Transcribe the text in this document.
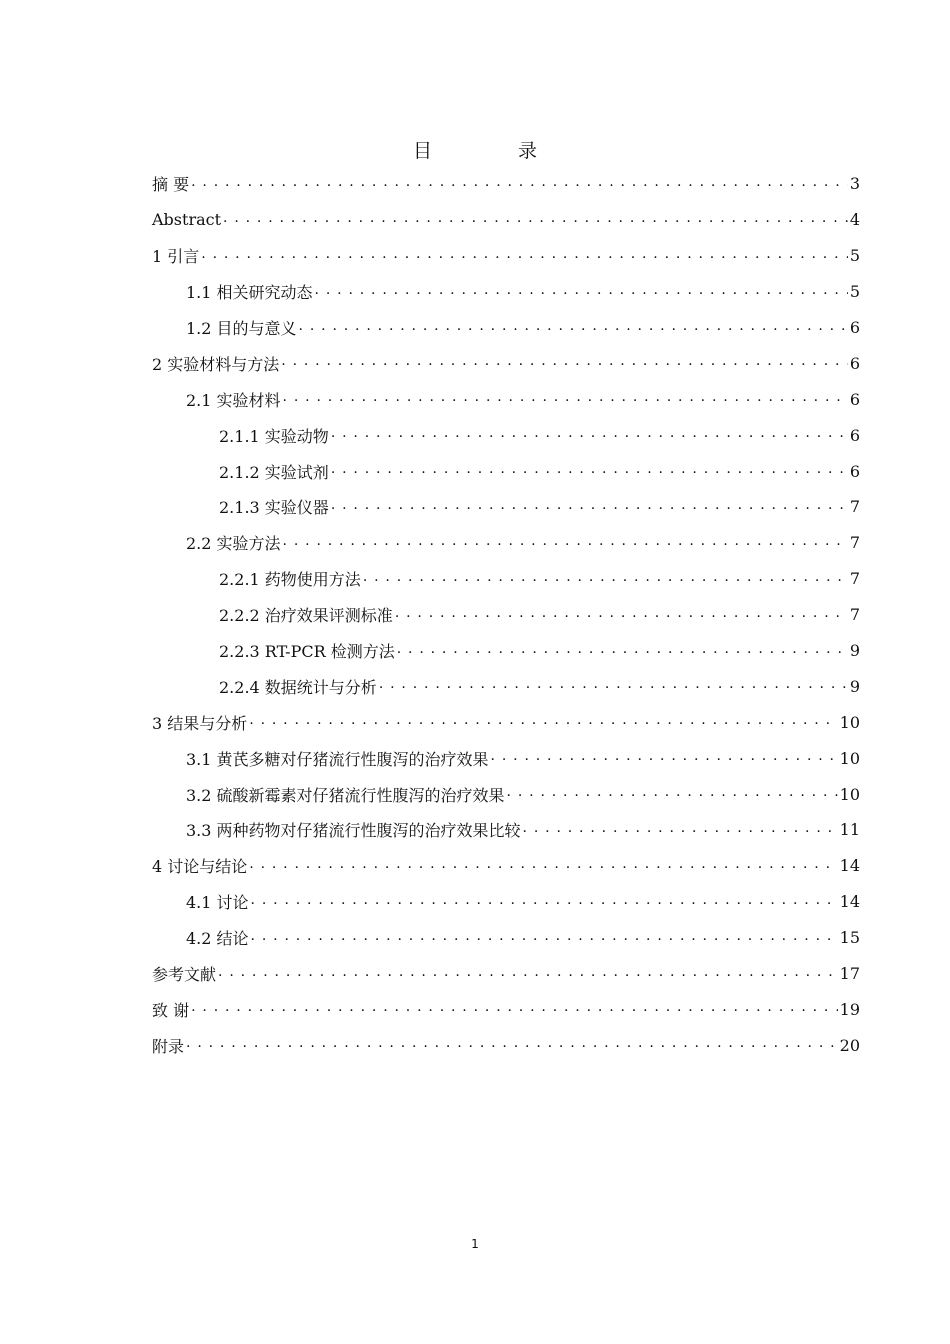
目 录
摘 要 . . .	3
Abstract . . .	4
1 引言 . . .	5
1.1 相关研究动态 . . .	5
1.2 目的与意义 . . .	6
2 实验材料与方法 . . .	6
2.1 实验材料 . . .	6
2.1.1 实验动物 . . .	6
2.1.2 实验试剂 . . .	6
2.1.3 实验仪器 . . .	7
2.2 实验方法 . . .	7
2.2.1 药物使用方法 . . .	7
2.2.2 治疗效果评测标准 . . .	7
2.2.3 RT-PCR 检测方法 . . .	9
2.2.4 数据统计与分析 . . .	9
3 结果与分析 . . .	10
3.1 黄芪多糖对仔猪流行性腹泻的治疗效果 . . .	10
3.2 硫酸新霉素对仔猪流行性腹泻的治疗效果 . . .	10
3.3 两种药物对仔猪流行性腹泻的治疗效果比较 . . .	11
4 讨论与结论 . . .	14
4.1 讨论 . . .	14
4.2 结论 . . .	15
参考文献 . . .	17
致 谢 . . .	19
附录 . . .	20
1
